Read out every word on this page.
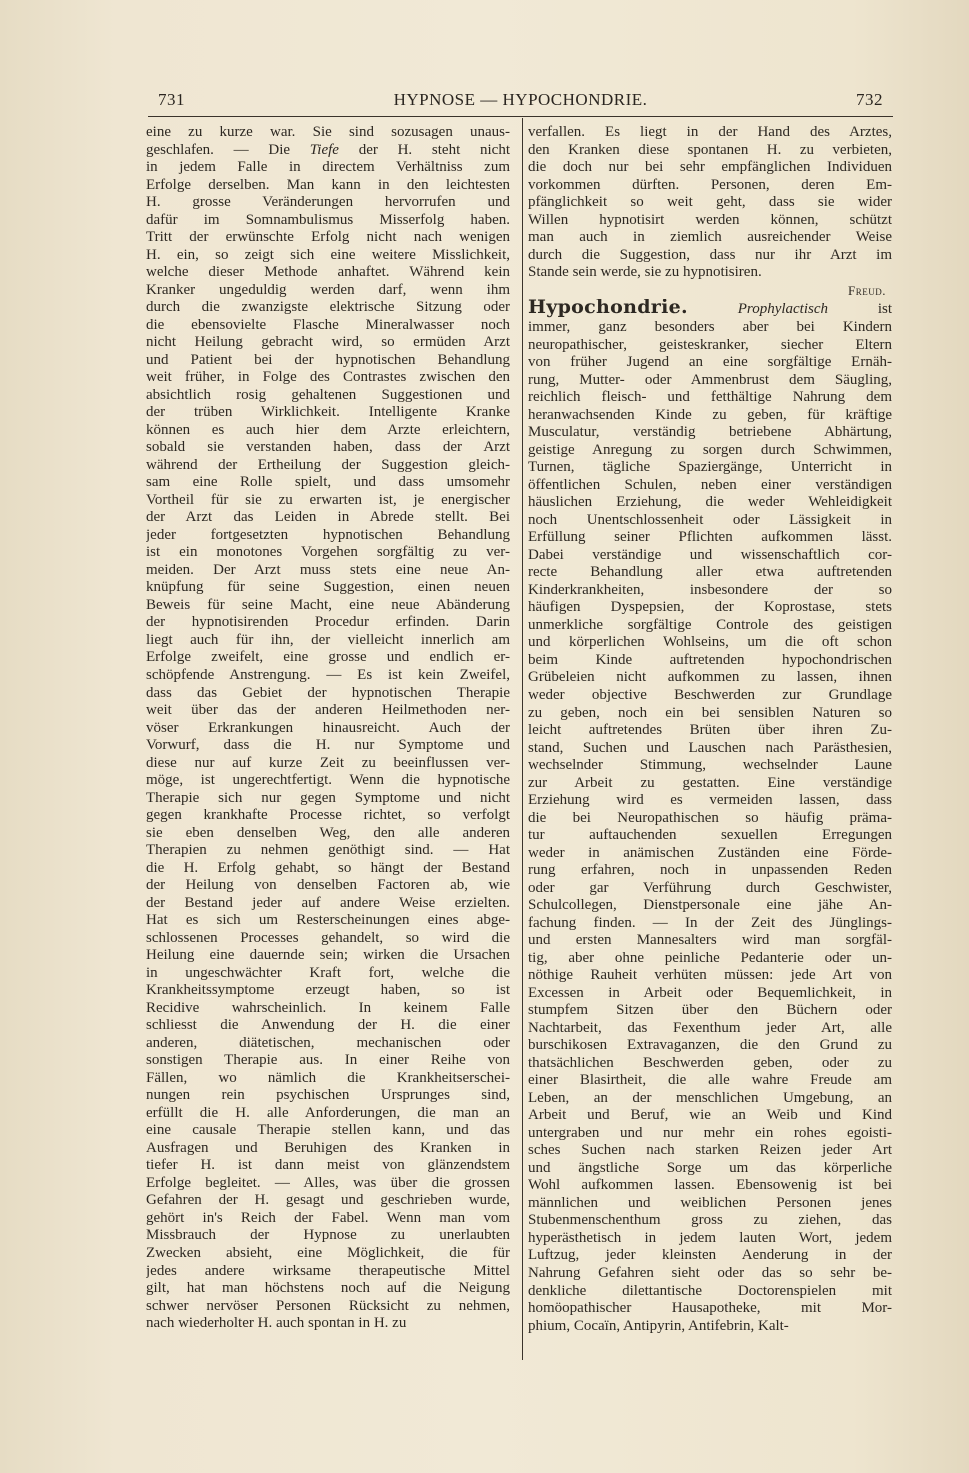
731	HYPNOSE — HYPOCHONDRIE.	732
eine zu kurze war. Sie sind sozusagen unaus-
geschlafen. — Die Tiefe der H. steht nicht
in jedem Falle in directem Verhältniss zum
Erfolge derselben. Man kann in den leichtesten
H. grosse Veränderungen hervorrufen und
dafür im Somnambulismus Misserfolg haben.
Tritt der erwünschte Erfolg nicht nach wenigen
H. ein, so zeigt sich eine weitere Misslichkeit,
welche dieser Methode anhaftet. Während kein
Kranker ungeduldig werden darf, wenn ihm
durch die zwanzigste elektrische Sitzung oder
die ebensovielte Flasche Mineralwasser noch
nicht Heilung gebracht wird, so ermüden Arzt
und Patient bei der hypnotischen Behandlung
weit früher, in Folge des Contrastes zwischen den
absichtlich rosig gehaltenen Suggestionen und
der trüben Wirklichkeit. Intelligente Kranke
können es auch hier dem Arzte erleichtern,
sobald sie verstanden haben, dass der Arzt
während der Ertheilung der Suggestion gleich-
sam eine Rolle spielt, und dass umsomehr
Vortheil für sie zu erwarten ist, je energischer
der Arzt das Leiden in Abrede stellt. Bei
jeder fortgesetzten hypnotischen Behandlung
ist ein monotones Vorgehen sorgfältig zu ver-
meiden. Der Arzt muss stets eine neue An-
knüpfung für seine Suggestion, einen neuen
Beweis für seine Macht, eine neue Abänderung
der hypnotisirenden Procedur erfinden. Darin
liegt auch für ihn, der vielleicht innerlich am
Erfolge zweifelt, eine grosse und endlich er-
schöpfende Anstrengung. — Es ist kein Zweifel,
dass das Gebiet der hypnotischen Therapie
weit über das der anderen Heilmethoden ner-
vöser Erkrankungen hinausreicht. Auch der
Vorwurf, dass die H. nur Symptome und
diese nur auf kurze Zeit zu beeinflussen ver-
möge, ist ungerechtfertigt. Wenn die hypnotische
Therapie sich nur gegen Symptome und nicht
gegen krankhafte Processe richtet, so verfolgt
sie eben denselben Weg, den alle anderen
Therapien zu nehmen genöthigt sind. — Hat
die H. Erfolg gehabt, so hängt der Bestand
der Heilung von denselben Factoren ab, wie
der Bestand jeder auf andere Weise erzielten.
Hat es sich um Resterscheinungen eines abge-
schlossenen Processes gehandelt, so wird die
Heilung eine dauernde sein; wirken die Ursachen
in ungeschwächter Kraft fort, welche die
Krankheitssymptome erzeugt haben, so ist
Recidive wahrscheinlich. In keinem Falle
schliesst die Anwendung der H. die einer
anderen, diätetischen, mechanischen oder
sonstigen Therapie aus. In einer Reihe von
Fällen, wo nämlich die Krankheitserschei-
nungen rein psychischen Ursprunges sind,
erfüllt die H. alle Anforderungen, die man an
eine causale Therapie stellen kann, und das
Ausfragen und Beruhigen des Kranken in
tiefer H. ist dann meist von glänzendstem
Erfolge begleitet. — Alles, was über die grossen
Gefahren der H. gesagt und geschrieben wurde,
gehört in's Reich der Fabel. Wenn man vom
Missbrauch der Hypnose zu unerlaubten
Zwecken absieht, eine Möglichkeit, die für
jedes andere wirksame therapeutische Mittel
gilt, hat man höchstens noch auf die Neigung
schwer nervöser Personen Rücksicht zu nehmen,
nach wiederholter H. auch spontan in H. zu
verfallen. Es liegt in der Hand des Arztes,
den Kranken diese spontanen H. zu verbieten,
die doch nur bei sehr empfänglichen Individuen
vorkommen dürften. Personen, deren Em-
pfänglichkeit so weit geht, dass sie wider
Willen hypnotisirt werden können, schützt
man auch in ziemlich ausreichender Weise
durch die Suggestion, dass nur ihr Arzt im
Stande sein werde, sie zu hypnotisiren.
Freud.
Hypochondrie.	Prophylactisch	ist
immer, ganz besonders aber bei Kindern
neuropathischer, geisteskranker, siecher Eltern
von früher Jugend an eine sorgfältige Ernäh-
rung, Mutter- oder Ammenbrust dem Säugling,
reichlich fleisch- und fetthältige Nahrung dem
heranwachsenden Kinde zu geben, für kräftige
Musculatur, verständig betriebene Abhärtung,
geistige Anregung zu sorgen durch Schwimmen,
Turnen, tägliche Spaziergänge, Unterricht in
öffentlichen Schulen, neben einer verständigen
häuslichen Erziehung, die weder Wehleidigkeit
noch Unentschlossenheit oder Lässigkeit in
Erfüllung seiner Pflichten aufkommen lässt.
Dabei verständige und wissenschaftlich cor-
recte Behandlung aller etwa auftretenden
Kinderkrankheiten, insbesondere der so
häufigen Dyspepsien, der Koprostase, stets
unmerkliche sorgfältige Controle des geistigen
und körperlichen Wohlseins, um die oft schon
beim Kinde auftretenden hypochondrischen
Grübeleien nicht aufkommen zu lassen, ihnen
weder objective Beschwerden zur Grundlage
zu geben, noch ein bei sensiblen Naturen so
leicht auftretendes Brüten über ihren Zu-
stand, Suchen und Lauschen nach Parästhesien,
wechselnder Stimmung, wechselnder Laune
zur Arbeit zu gestatten. Eine verständige
Erziehung wird es vermeiden lassen, dass
die bei Neuropathischen so häufig präma-
tur auftauchenden sexuellen Erregungen
weder in anämischen Zuständen eine Förde-
rung erfahren, noch in unpassenden Reden
oder gar Verführung durch Geschwister,
Schulcollegen, Dienstpersonale eine jähe An-
fachung finden. — In der Zeit des Jünglings-
und ersten Mannesalters wird man sorgfäl-
tig, aber ohne peinliche Pedanterie oder un-
nöthige Rauheit verhüten müssen: jede Art von
Excessen in Arbeit oder Bequemlichkeit, in
stumpfem Sitzen über den Büchern oder
Nachtarbeit, das Fexenthum jeder Art, alle
burschikosen Extravaganzen, die den Grund zu
thatsächlichen Beschwerden geben, oder zu
einer Blasirtheit, die alle wahre Freude am
Leben, an der menschlichen Umgebung, an
Arbeit und Beruf, wie an Weib und Kind
untergraben und nur mehr ein rohes egoisti-
sches Suchen nach starken Reizen jeder Art
und ängstliche Sorge um das körperliche
Wohl aufkommen lassen. Ebensowenig ist bei
männlichen und weiblichen Personen jenes
Stubenmenschenthum gross zu ziehen, das
hyperästhetisch in jedem lauten Wort, jedem
Luftzug, jeder kleinsten Aenderung in der
Nahrung Gefahren sieht oder das so sehr be-
denkliche dilettantische Doctorenspielen mit
homöopathischer Hausapotheke, mit Mor-
phium, Cocaïn, Antipyrin, Antifebrin, Kalt-
